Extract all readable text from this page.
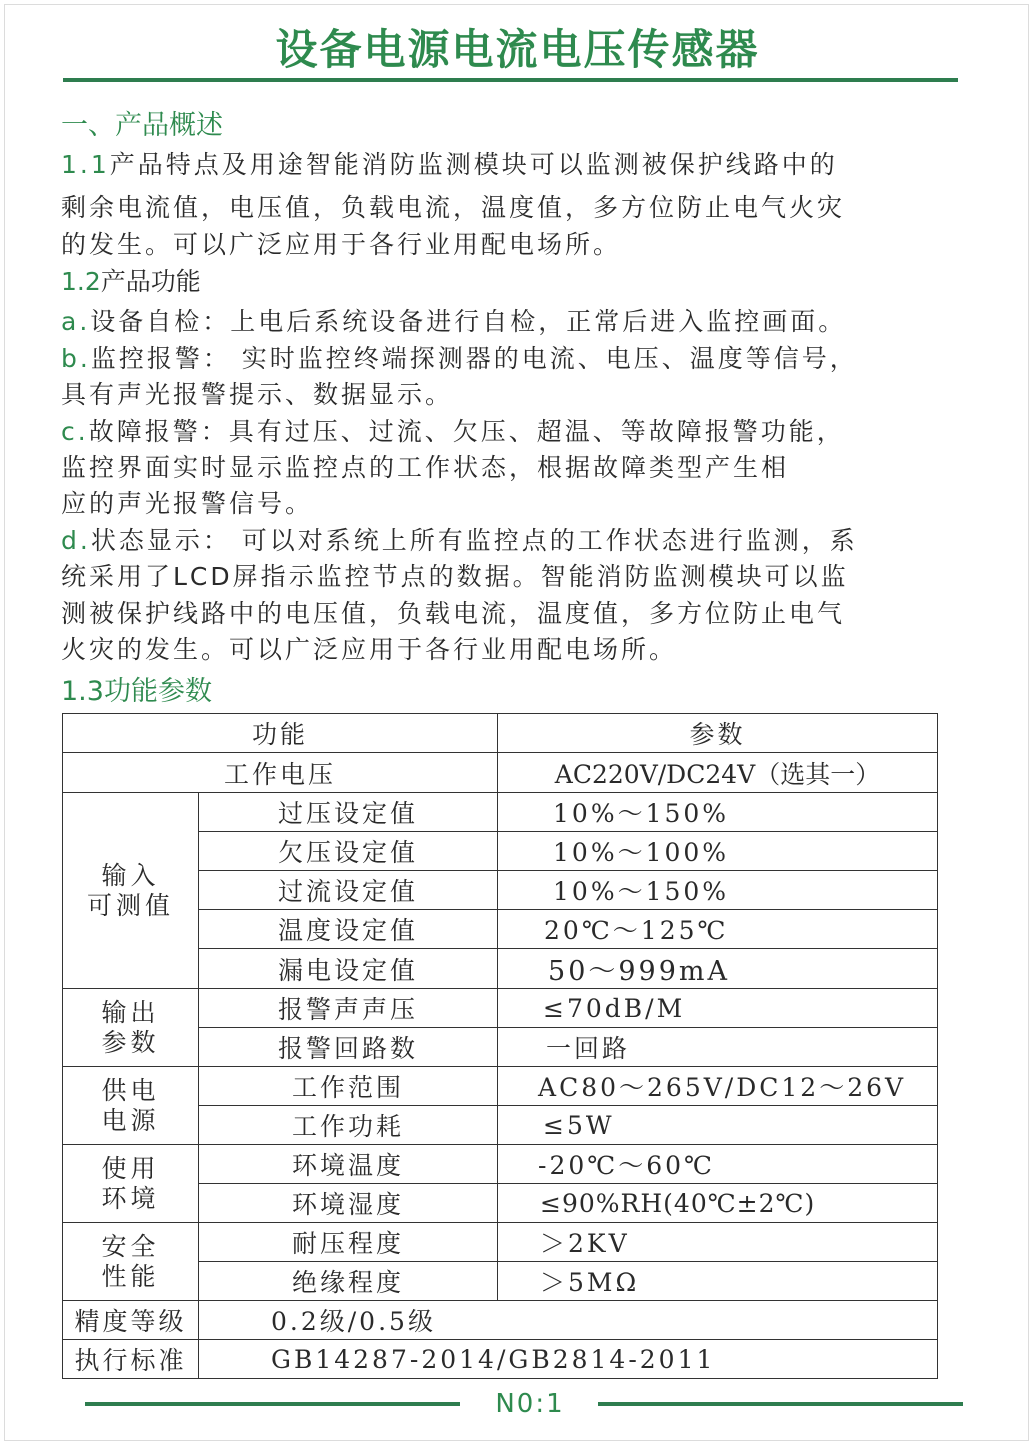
设备电源电流电压传感器
一、产品概述
1.1产品特点及用途智能消防监测模块可以监测被保护线路中的
剩余电流值，电压值，负载电流，温度值，多方位防止电气火灾
的发生。可以广泛应用于各行业用配电场所。
1.2产品功能
a.设备自检：上电后系统设备进行自检，正常后进入监控画面。
b.监控报警： 实时监控终端探测器的电流、电压、温度等信号，
具有声光报警提示、数据显示。
c.故障报警：具有过压、过流、欠压、超温、等故障报警功能，
监控界面实时显示监控点的工作状态，根据故障类型产生相
应的声光报警信号。
d.状态显示： 可以对系统上所有监控点的工作状态进行监测，系
统采用了LCD屏指示监控节点的数据。智能消防监测模块可以监
测被保护线路中的电压值，负载电流，温度值，多方位防止电气
火灾的发生。可以广泛应用于各行业用配电场所。
1.3功能参数
功能		参数
工作电压		AC220V/DC24V（选其一）
输入
可测值	过压设定值	10%～150%
	欠压设定值	10%～100%
	过流设定值	10%～150%
	温度设定值	20℃～125℃
	漏电设定值	50～999mA
输出
参数	报警声声压	≤70dB/M
	报警回路数	一回路
供电
电源	工作范围	AC80～265V/DC12～26V
	工作功耗	≤5W
使用
环境	环境温度	-20℃～60℃
	环境湿度	≤90%RH(40℃±2℃)
安全
性能	耐压程度	＞2KV
	绝缘程度	＞5MΩ
精度等级	0.2级/0.5级	
执行标准	GB14287-2014/GB2814-2011	
N0:1
